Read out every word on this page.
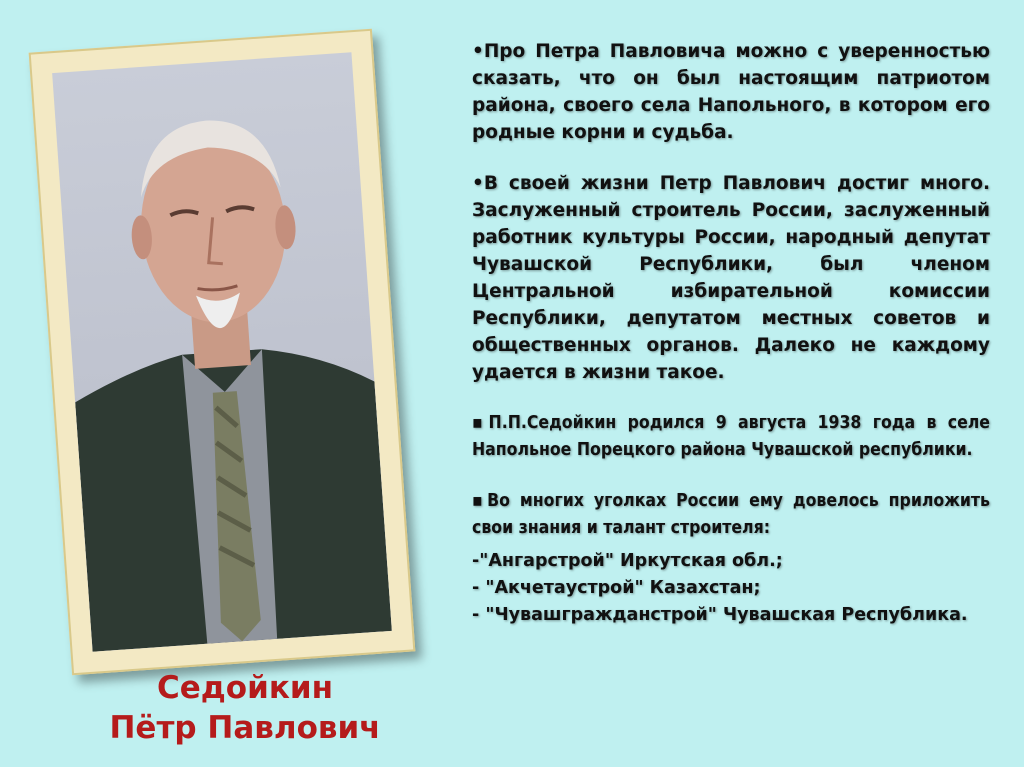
Седойкин
Пётр Павлович

•Про Петра Павловича можно с уверенностью сказать, что он был настоящим патриотом района, своего села Напольного, в котором его родные корни и судьба.

•В своей жизни Петр Павлович достиг много. Заслуженный строитель России, заслуженный работник культуры России, народный депутат Чувашской Республики, был членом Центральной избирательной комиссии Республики, депутатом местных советов и общественных органов. Далеко не каждому удается в жизни такое.

▪П.П.Седойкин родился 9 августа 1938 года в селе Напольное Порецкого района Чувашской республики.

▪Во многих уголках России ему довелось приложить свои знания и талант строителя:

-"Ангарстрой" Иркутская обл.;
- "Акчетаустрой" Казахстан;
- "Чувашгражданстрой" Чувашская Республика.
